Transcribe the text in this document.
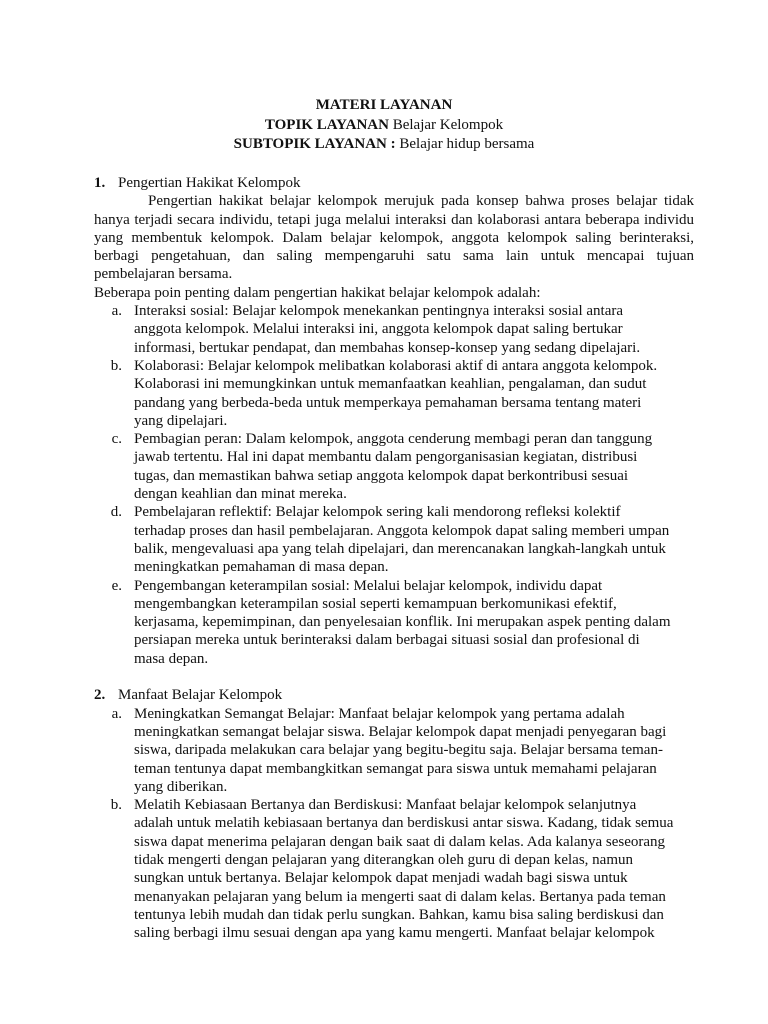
MATERI LAYANAN
TOPIK LAYANAN Belajar Kelompok
SUBTOPIK LAYANAN : Belajar hidup bersama
1. Pengertian Hakikat Kelompok
Pengertian hakikat belajar kelompok merujuk pada konsep bahwa proses belajar tidak hanya terjadi secara individu, tetapi juga melalui interaksi dan kolaborasi antara beberapa individu yang membentuk kelompok. Dalam belajar kelompok, anggota kelompok saling berinteraksi, berbagi pengetahuan, dan saling mempengaruhi satu sama lain untuk mencapai tujuan pembelajaran bersama.
Beberapa poin penting dalam pengertian hakikat belajar kelompok adalah:
a. Interaksi sosial: Belajar kelompok menekankan pentingnya interaksi sosial antara anggota kelompok. Melalui interaksi ini, anggota kelompok dapat saling bertukar informasi, bertukar pendapat, dan membahas konsep-konsep yang sedang dipelajari.
b. Kolaborasi: Belajar kelompok melibatkan kolaborasi aktif di antara anggota kelompok. Kolaborasi ini memungkinkan untuk memanfaatkan keahlian, pengalaman, dan sudut pandang yang berbeda-beda untuk memperkaya pemahaman bersama tentang materi yang dipelajari.
c. Pembagian peran: Dalam kelompok, anggota cenderung membagi peran dan tanggung jawab tertentu. Hal ini dapat membantu dalam pengorganisasian kegiatan, distribusi tugas, dan memastikan bahwa setiap anggota kelompok dapat berkontribusi sesuai dengan keahlian dan minat mereka.
d. Pembelajaran reflektif: Belajar kelompok sering kali mendorong refleksi kolektif terhadap proses dan hasil pembelajaran. Anggota kelompok dapat saling memberi umpan balik, mengevaluasi apa yang telah dipelajari, dan merencanakan langkah-langkah untuk meningkatkan pemahaman di masa depan.
e. Pengembangan keterampilan sosial: Melalui belajar kelompok, individu dapat mengembangkan keterampilan sosial seperti kemampuan berkomunikasi efektif, kerjasama, kepemimpinan, dan penyelesaian konflik. Ini merupakan aspek penting dalam persiapan mereka untuk berinteraksi dalam berbagai situasi sosial dan profesional di masa depan.
2. Manfaat Belajar Kelompok
a. Meningkatkan Semangat Belajar: Manfaat belajar kelompok yang pertama adalah meningkatkan semangat belajar siswa. Belajar kelompok dapat menjadi penyegaran bagi siswa, daripada melakukan cara belajar yang begitu-begitu saja. Belajar bersama teman-teman tentunya dapat membangkitkan semangat para siswa untuk memahami pelajaran yang diberikan.
b. Melatih Kebiasaan Bertanya dan Berdiskusi: Manfaat belajar kelompok selanjutnya adalah untuk melatih kebiasaan bertanya dan berdiskusi antar siswa. Kadang, tidak semua siswa dapat menerima pelajaran dengan baik saat di dalam kelas. Ada kalanya seseorang tidak mengerti dengan pelajaran yang diterangkan oleh guru di depan kelas, namun sungkan untuk bertanya. Belajar kelompok dapat menjadi wadah bagi siswa untuk menanyakan pelajaran yang belum ia mengerti saat di dalam kelas. Bertanya pada teman tentunya lebih mudah dan tidak perlu sungkan. Bahkan, kamu bisa saling berdiskusi dan saling berbagi ilmu sesuai dengan apa yang kamu mengerti. Manfaat belajar kelompok
